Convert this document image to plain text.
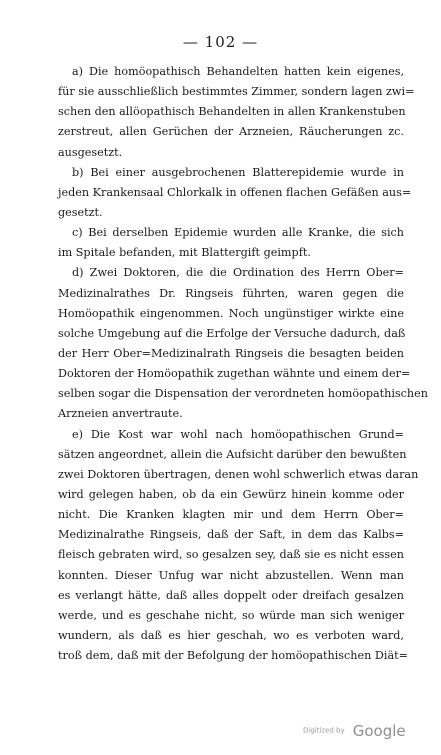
— 102 —
a) Die homöopathisch Behandelten hatten kein eigenes,
für sie ausschließlich bestimmtes Zimmer, sondern lagen zwi=
schen den allöopathisch Behandelten in allen Krankenstuben
zerstreut, allen Gerüchen der Arzneien, Räucherungen zc.
ausgesetzt.
b) Bei einer ausgebrochenen Blatterepidemie wurde in
jeden Krankensaal Chlorkalk in offenen flachen Gefäßen aus=
gesetzt.
c) Bei derselben Epidemie wurden alle Kranke, die sich
im Spitale befanden, mit Blattergift geimpft.
d) Zwei Doktoren, die die Ordination des Herrn Ober=
Medizinalrathes Dr. Ringseis führten, waren gegen die
Homöopathik eingenommen. Noch ungünstiger wirkte eine
solche Umgebung auf die Erfolge der Versuche dadurch, daß
der Herr Ober=Medizinalrath Ringseis die besagten beiden
Doktoren der Homöopathik zugethan wähnte und einem der=
selben sogar die Dispensation der verordneten homöopathischen
Arzneien anvertraute.
e) Die Kost war wohl nach homöopathischen Grund=
sätzen angeordnet, allein die Aufsicht darüber den bewußten
zwei Doktoren übertragen, denen wohl schwerlich etwas daran
wird gelegen haben, ob da ein Gewürz hinein komme oder
nicht. Die Kranken klagten mir und dem Herrn Ober=
Medizinalrathe Ringseis, daß der Saft, in dem das Kalbs=
fleisch gebraten wird, so gesalzen sey, daß sie es nicht essen
konnten. Dieser Unfug war nicht abzustellen. Wenn man
es verlangt hätte, daß alles doppelt oder dreifach gesalzen
werde, und es geschahe nicht, so würde man sich weniger
wundern, als daß es hier geschah, wo es verboten ward,
troß dem, daß mit der Befolgung der homöopathischen Diät=
Digitized by Google
